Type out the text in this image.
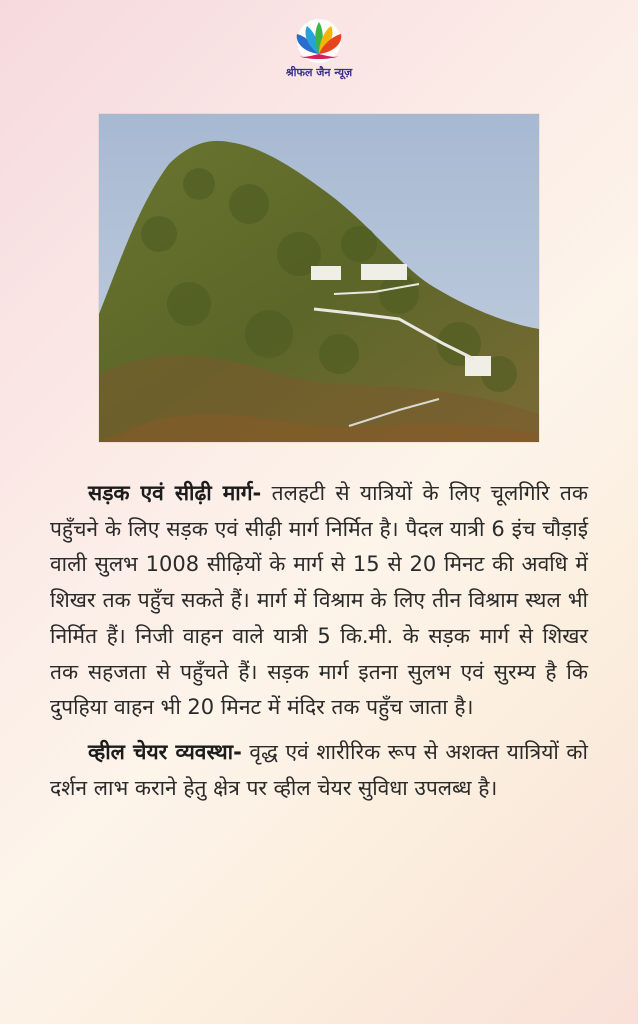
श्रीफल जैन न्यूज़

सड़क एवं सीढ़ी मार्ग- तलहटी से यात्रियों के लिए चूलगिरि तक पहुँचने के लिए सड़क एवं सीढ़ी मार्ग निर्मित है। पैदल यात्री 6 इंच चौड़ाई वाली सुलभ 1008 सीढ़ियों के मार्ग से 15 से 20 मिनट की अवधि में शिखर तक पहुँच सकते हैं। मार्ग में विश्राम के लिए तीन विश्राम स्थल भी निर्मित हैं। निजी वाहन वाले यात्री 5 कि.मी. के सड़क मार्ग से शिखर तक सहजता से पहुँचते हैं। सड़क मार्ग इतना सुलभ एवं सुरम्य है कि दुपहिया वाहन भी 20 मिनट में मंदिर तक पहुँच जाता है।

व्हील चेयर व्यवस्था- वृद्ध एवं शारीरिक रूप से अशक्त यात्रियों को दर्शन लाभ कराने हेतु क्षेत्र पर व्हील चेयर सुविधा उपलब्ध है।
